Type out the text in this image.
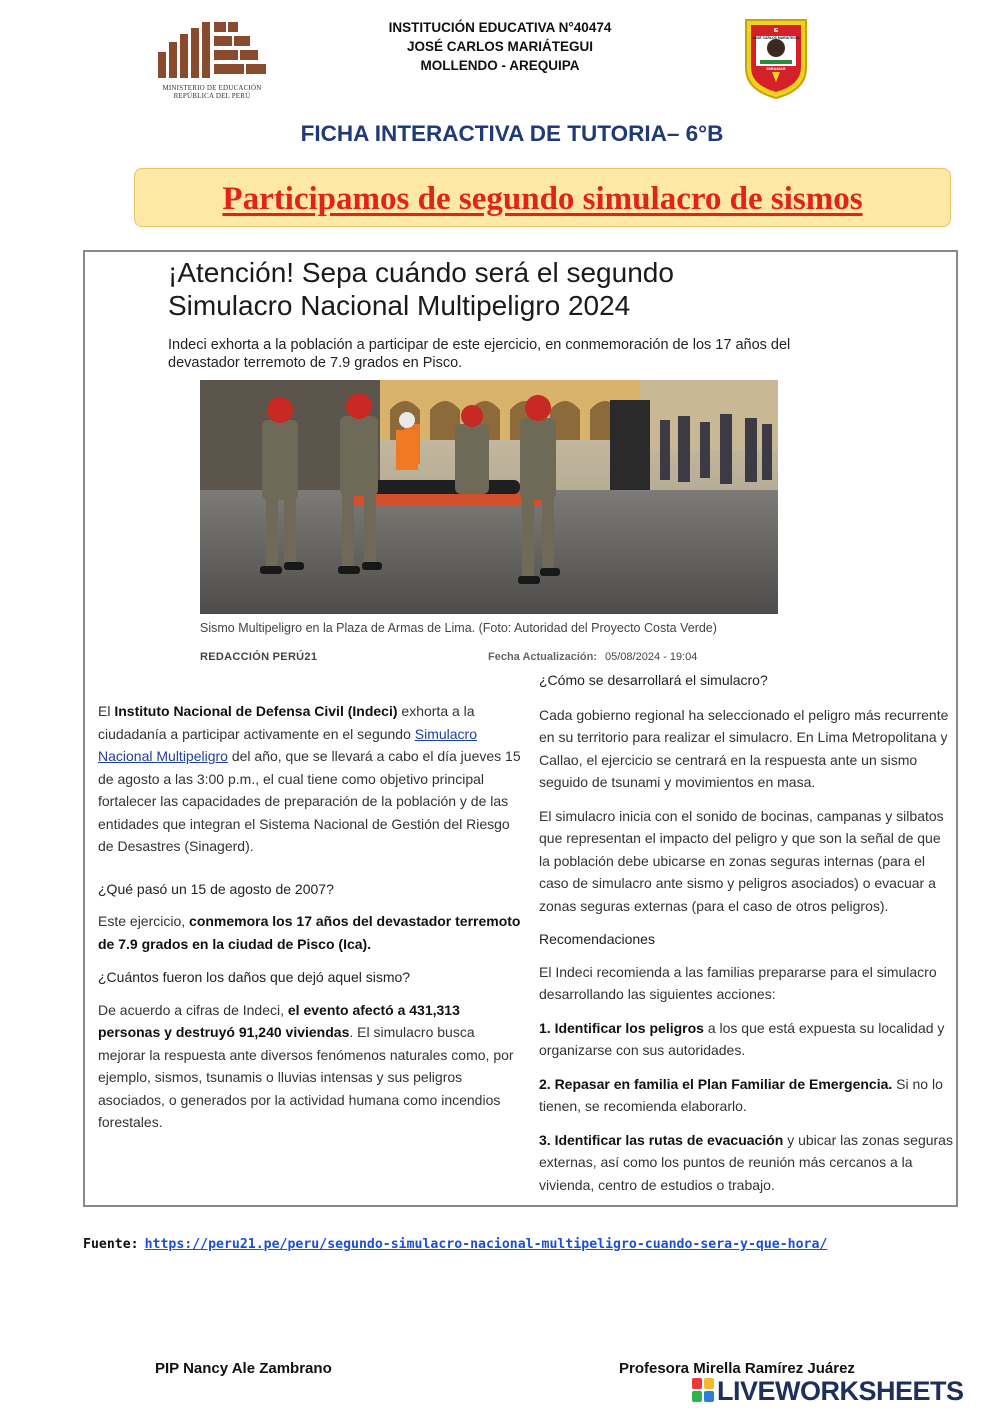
MINISTERIO DE EDUCACIÓN
REPÚBLICA DEL PERÚ
INSTITUCIÓN EDUCATIVA N°40474
JOSÉ CARLOS MARIÁTEGUI
MOLLENDO - AREQUIPA
IE
JOSÉ CARLOS MARIÁTEGUI
MIRAMAR
FICHA INTERACTIVA DE TUTORIA– 6°B
Participamos de segundo simulacro de sismos
¡Atención! Sepa cuándo será el segundo
Simulacro Nacional Multipeligro 2024
Indeci exhorta a la población a participar de este ejercicio, en conmemoración de los 17 años del devastador terremoto de 7.9 grados en Pisco.
Sismo Multipeligro en la Plaza de Armas de Lima. (Foto: Autoridad del Proyecto Costa Verde)
REDACCIÓN PERÚ21	Fecha Actualización: 05/08/2024 - 19:04

El Instituto Nacional de Defensa Civil (Indeci) exhorta a la ciudadanía a participar activamente en el segundo Simulacro Nacional Multipeligro del año, que se llevará a cabo el día jueves 15 de agosto a las 3:00 p.m., el cual tiene como objetivo principal fortalecer las capacidades de preparación de la población y de las entidades que integran el Sistema Nacional de Gestión del Riesgo de Desastres (Sinagerd).

¿Qué pasó un 15 de agosto de 2007?

Este ejercicio, conmemora los 17 años del devastador terremoto de 7.9 grados en la ciudad de Pisco (Ica).

¿Cuántos fueron los daños que dejó aquel sismo?

De acuerdo a cifras de Indeci, el evento afectó a 431,313 personas y destruyó 91,240 viviendas. El simulacro busca mejorar la respuesta ante diversos fenómenos naturales como, por ejemplo, sismos, tsunamis o lluvias intensas y sus peligros asociados, o generados por la actividad humana como incendios forestales.

¿Cómo se desarrollará el simulacro?

Cada gobierno regional ha seleccionado el peligro más recurrente en su territorio para realizar el simulacro. En Lima Metropolitana y Callao, el ejercicio se centrará en la respuesta ante un sismo seguido de tsunami y movimientos en masa.

El simulacro inicia con el sonido de bocinas, campanas y silbatos que representan el impacto del peligro y que son la señal de que la población debe ubicarse en zonas seguras internas (para el caso de simulacro ante sismo y peligros asociados) o evacuar a zonas seguras externas (para el caso de otros peligros).

Recomendaciones

El Indeci recomienda a las familias prepararse para el simulacro desarrollando las siguientes acciones:

1. Identificar los peligros a los que está expuesta su localidad y organizarse con sus autoridades.

2. Repasar en familia el Plan Familiar de Emergencia. Si no lo tienen, se recomienda elaborarlo.

3. Identificar las rutas de evacuación y ubicar las zonas seguras externas, así como los puntos de reunión más cercanos a la vivienda, centro de estudios o trabajo.

Fuente: https://peru21.pe/peru/segundo-simulacro-nacional-multipeligro-cuando-sera-y-que-hora/
PIP Nancy Ale Zambrano	Profesora Mirella Ramírez Juárez
LIVEWORKSHEETS
